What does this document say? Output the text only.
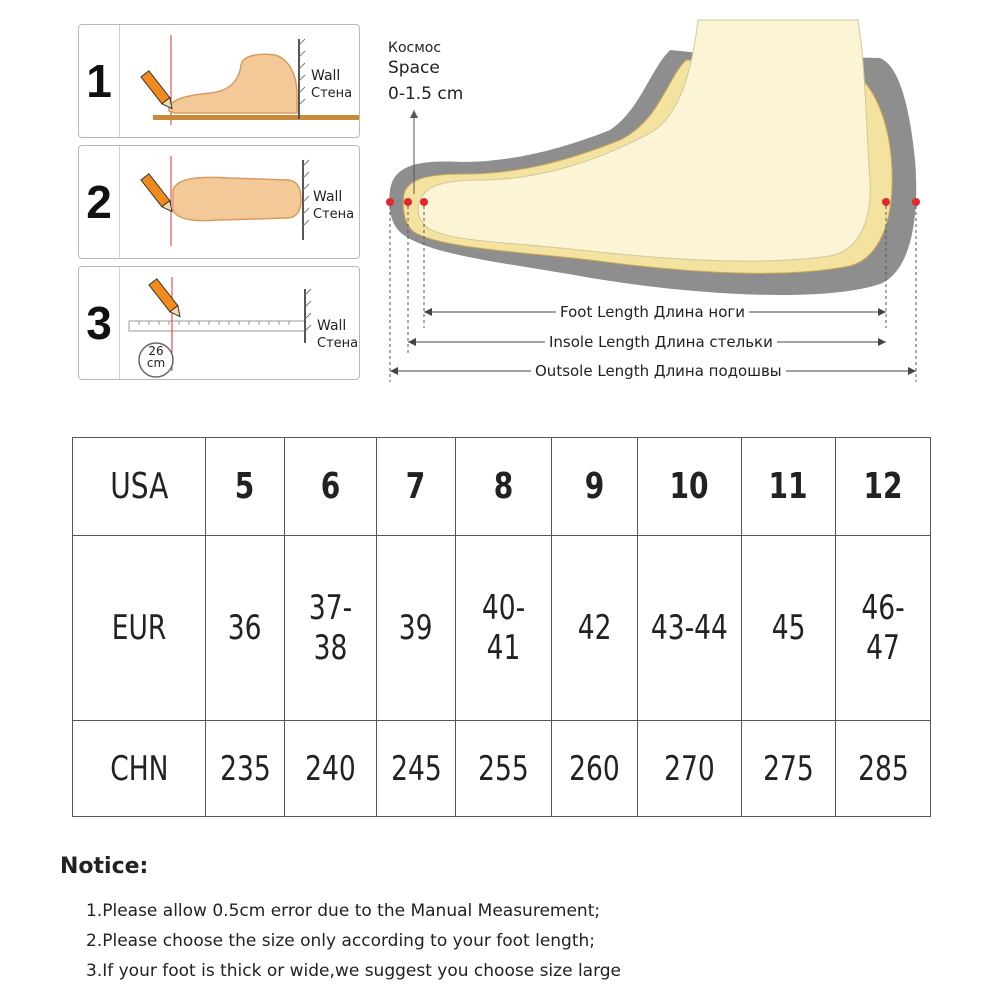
1	Wall
Стена
2	Wall
Стена
3
26
cm
Wall
Стена
Космос
Space
0-1.5 cm
Foot Length Длина ноги
Insole Length Длина стельки
Outsole Length Длина подошвы
USA	5	6	7	8	9	10	11	12
EUR	36	37-38	39	40-41	42	43-44	45	46-47
CHN	235	240	245	255	260	270	275	285
Notice:
1.Please allow 0.5cm error due to the Manual Measurement;
2.Please choose the size only according to your foot length;
3.If your foot is thick or wide,we suggest you choose size large
